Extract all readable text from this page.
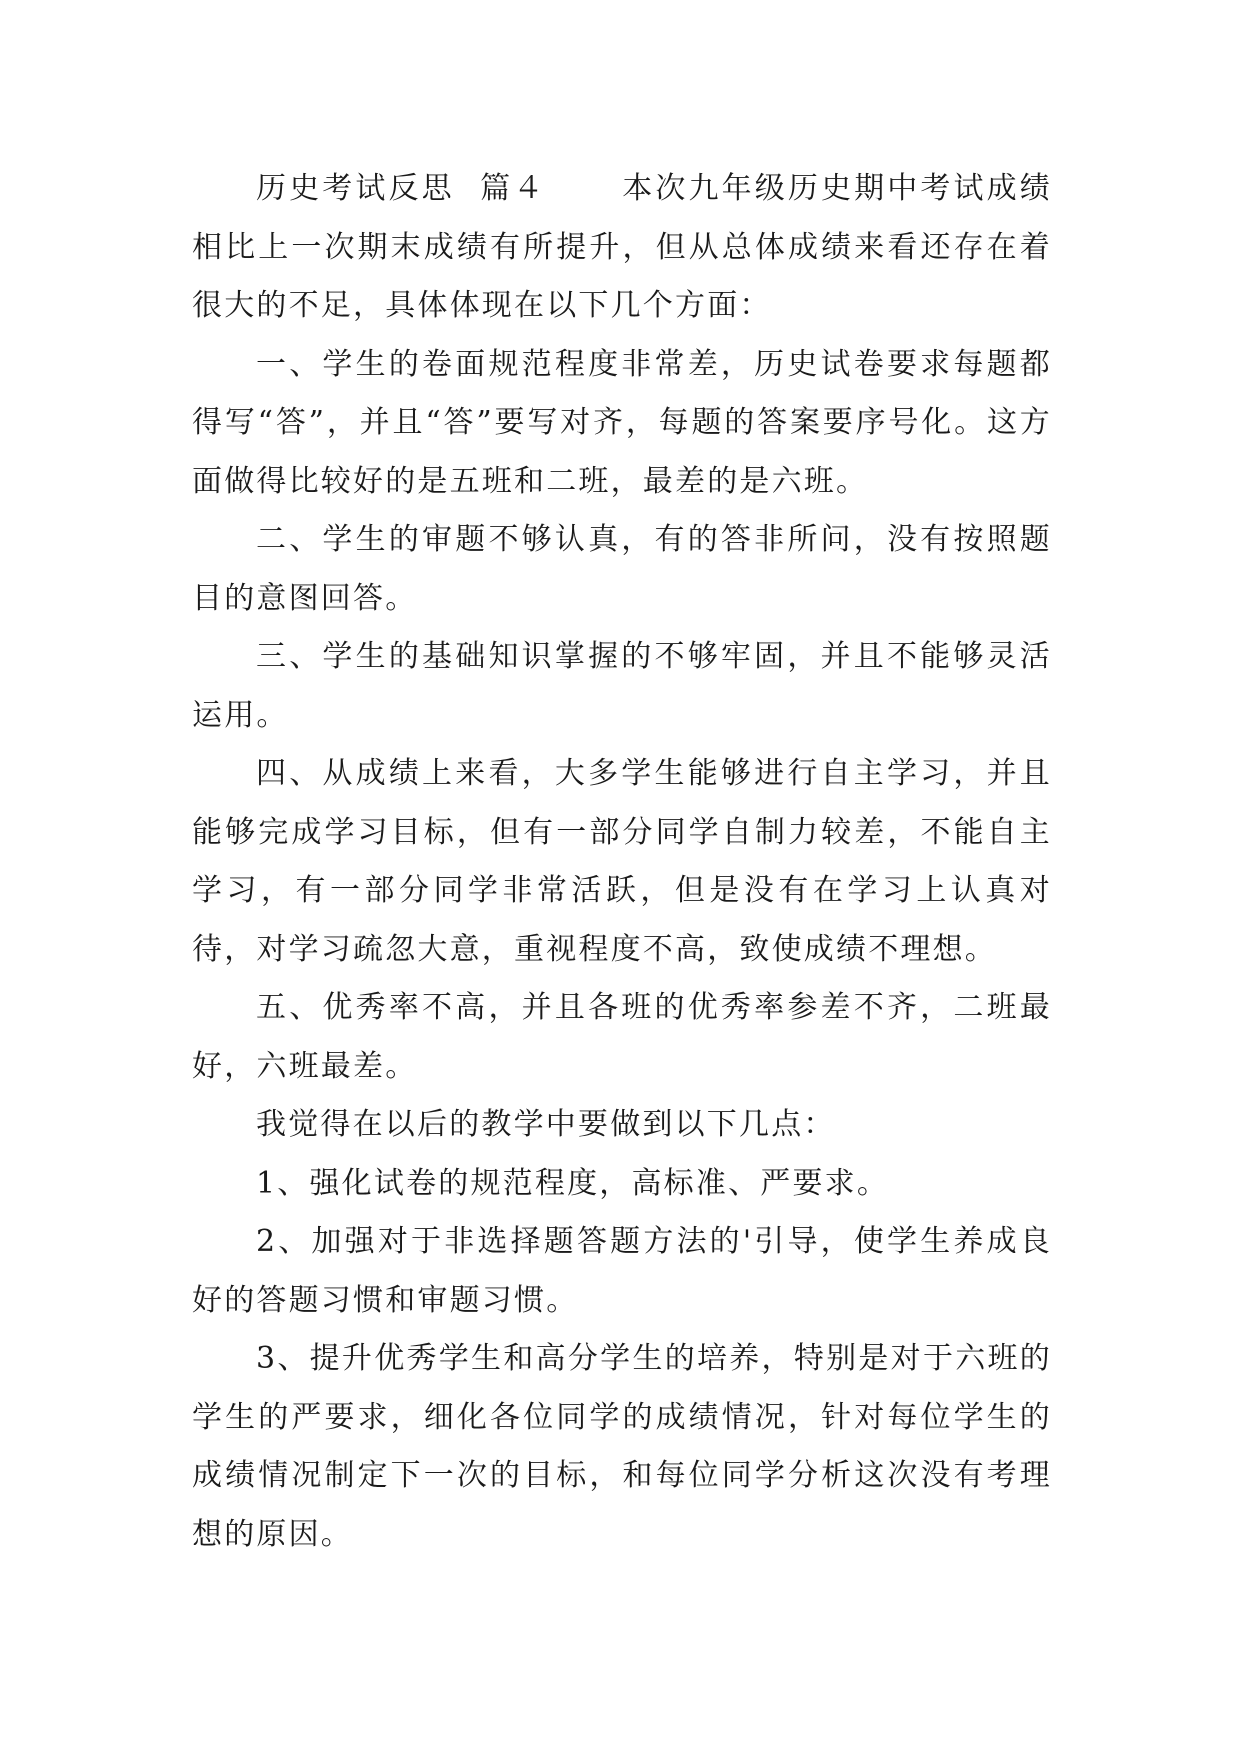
历史考试反思 篇４	本次九年级历史期中考试成绩相比上一次期末成绩有所提升，但从总体成绩来看还存在着很大的不足，具体体现在以下几个方面：

一、学生的卷面规范程度非常差，历史试卷要求每题都得写“答”，并且“答”要写对齐，每题的答案要序号化。这方面做得比较好的是五班和二班，最差的是六班。

二、学生的审题不够认真，有的答非所问，没有按照题目的意图回答。

三、学生的基础知识掌握的不够牢固，并且不能够灵活运用。

四、从成绩上来看，大多学生能够进行自主学习，并且能够完成学习目标，但有一部分同学自制力较差，不能自主学习，有一部分同学非常活跃，但是没有在学习上认真对待，对学习疏忽大意，重视程度不高，致使成绩不理想。

五、优秀率不高，并且各班的优秀率参差不齐，二班最好，六班最差。

我觉得在以后的教学中要做到以下几点：

1、强化试卷的规范程度，高标准、严要求。

2、加强对于非选择题答题方法的'引导，使学生养成良好的答题习惯和审题习惯。

3、提升优秀学生和高分学生的培养，特别是对于六班的学生的严要求，细化各位同学的成绩情况，针对每位学生的成绩情况制定下一次的目标，和每位同学分析这次没有考理想的原因。
